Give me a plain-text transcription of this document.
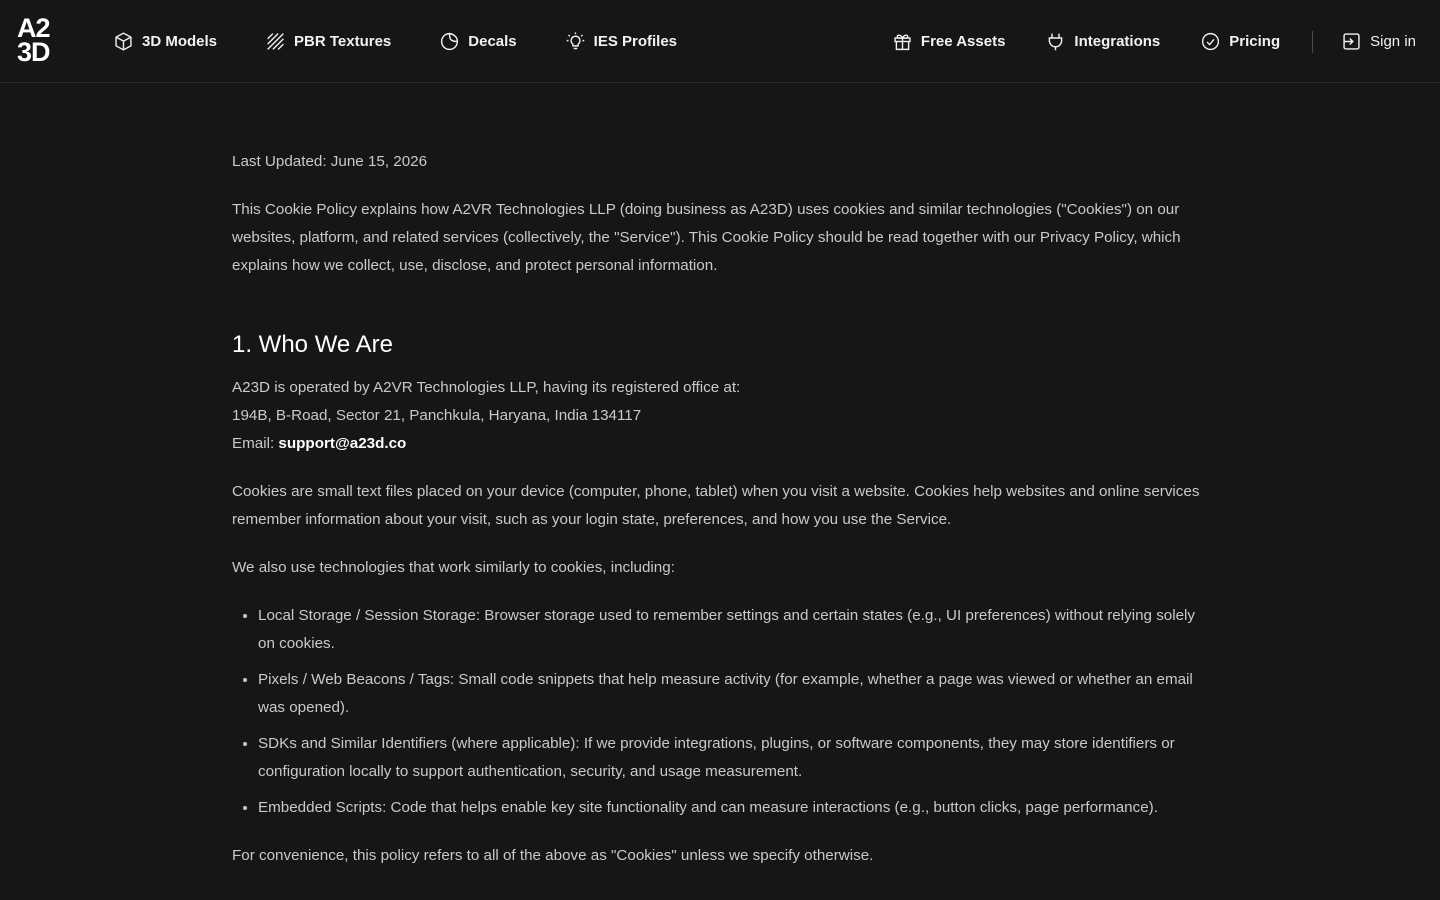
A2
3D	3D Models	PBR Textures	Decals	IES Profiles	Free Assets	Integrations	Pricing	Sign in

Last Updated: June 15, 2026

This Cookie Policy explains how A2VR Technologies LLP (doing business as A23D) uses cookies and similar technologies ("Cookies") on our websites, platform, and related services (collectively, the "Service"). This Cookie Policy should be read together with our Privacy Policy, which explains how we collect, use, disclose, and protect personal information.

1. Who We Are
A23D is operated by A2VR Technologies LLP, having its registered office at:
194B, B-Road, Sector 21, Panchkula, Haryana, India 134117
Email: support@a23d.co

Cookies are small text files placed on your device (computer, phone, tablet) when you visit a website. Cookies help websites and online services remember information about your visit, such as your login state, preferences, and how you use the Service.

We also use technologies that work similarly to cookies, including:

• Local Storage / Session Storage: Browser storage used to remember settings and certain states (e.g., UI preferences) without relying solely on cookies.
• Pixels / Web Beacons / Tags: Small code snippets that help measure activity (for example, whether a page was viewed or whether an email was opened).
• SDKs and Similar Identifiers (where applicable): If we provide integrations, plugins, or software components, they may store identifiers or configuration locally to support authentication, security, and usage measurement.
• Embedded Scripts: Code that helps enable key site functionality and can measure interactions (e.g., button clicks, page performance).

For convenience, this policy refers to all of the above as "Cookies" unless we specify otherwise.
